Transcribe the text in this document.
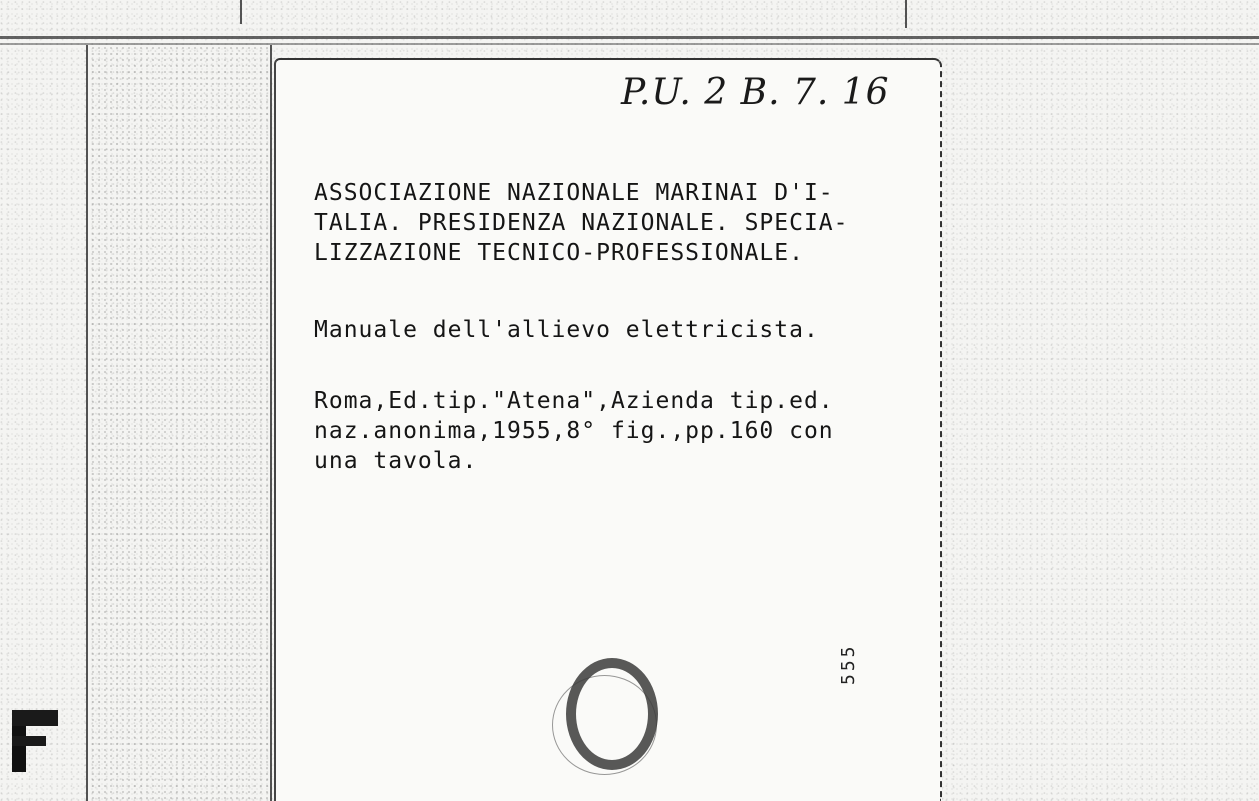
P.U. 2 B. 7. 16
ASSOCIAZIONE NAZIONALE MARINAI D'I-
TALIA. PRESIDENZA NAZIONALE. SPECIA-
LIZZAZIONE TECNICO-PROFESSIONALE.
Manuale dell'allievo elettricista.
Roma,Ed.tip."Atena",Azienda tip.ed.
naz.anonima,1955,8° fig.,pp.160 con
una tavola.
555
